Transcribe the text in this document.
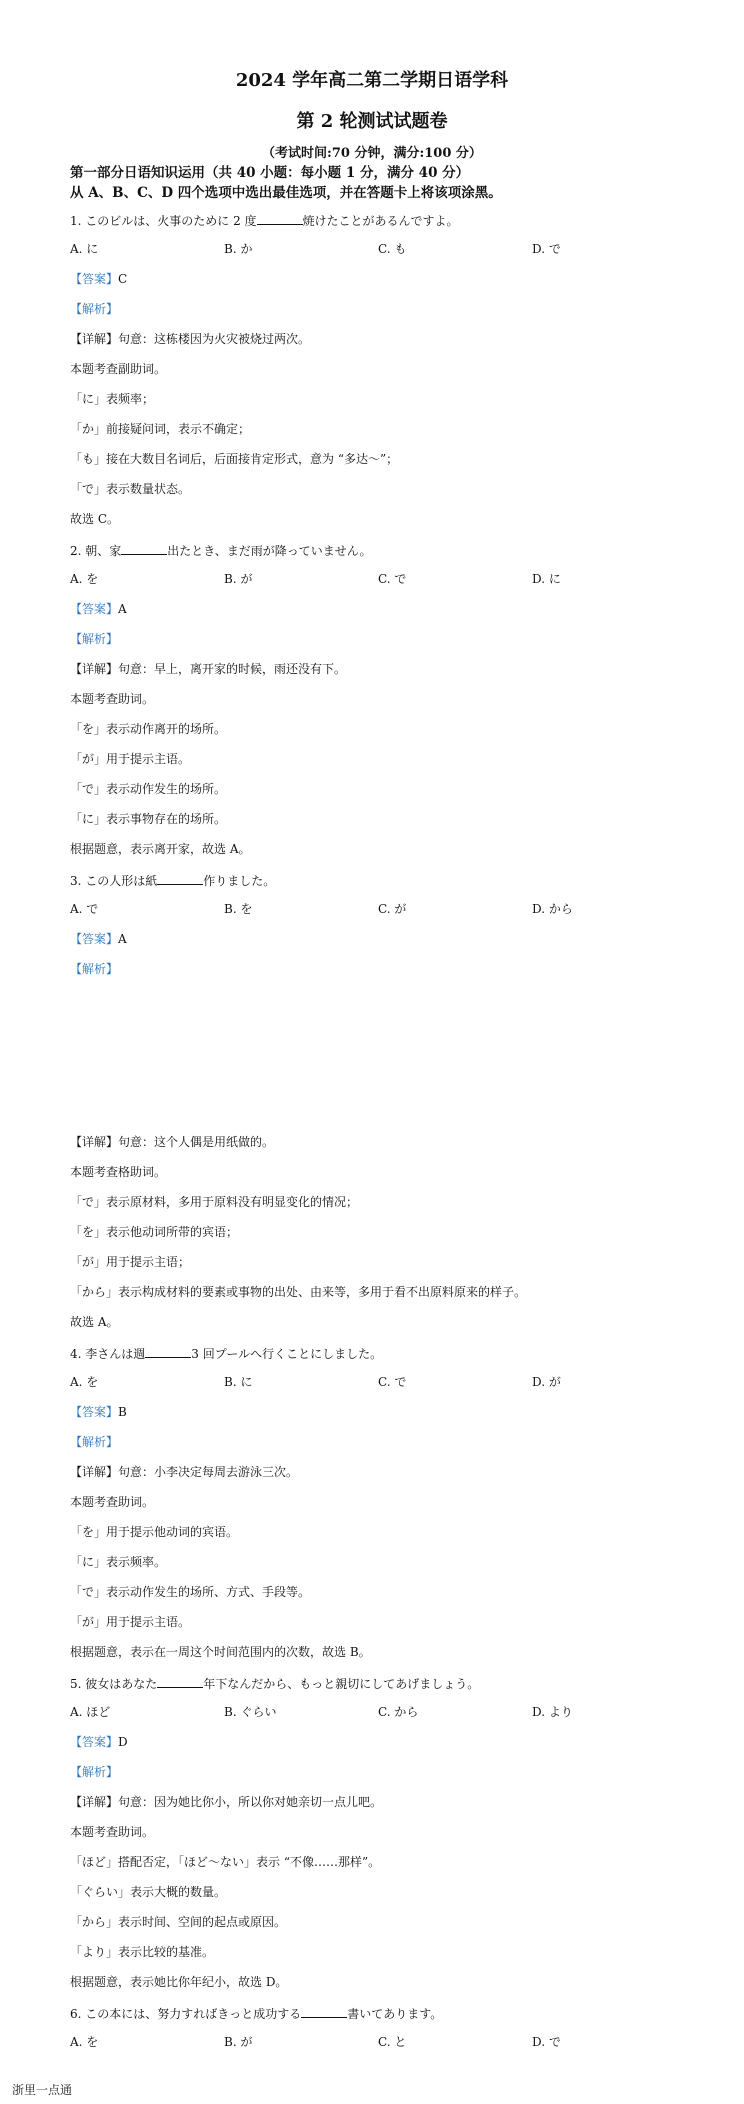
2024 学年高二第二学期日语学科
第 2 轮测试试题卷
（考试时间:70 分钟，满分:100 分）
第一部分日语知识运用（共 40 小题：每小题 1 分，满分 40 分）
从 A、B、C、D 四个选项中选出最佳选项，并在答题卡上将该项涂黑。
1. このビルは、火事のために 2 度	焼けたことがあるんですよ。
A. に	B. か	C. も	D. で
【答案】C
【解析】
【详解】句意：这栋楼因为火灾被烧过两次。
本题考查副助词。
「に」表频率；
「か」前接疑问词，表示不确定；
「も」接在大数目名词后，后面接肯定形式，意为 “多达～”；
「で」表示数量状态。
故选 C。
2. 朝、家	出たとき、まだ雨が降っていません。
A. を	B. が	C. で	D. に
【答案】A
【解析】
【详解】句意：早上，离开家的时候，雨还没有下。
本题考查助词。
「を」表示动作离开的场所。
「が」用于提示主语。
「で」表示动作发生的场所。
「に」表示事物存在的场所。
根据题意，表示离开家，故选 A。
3. この人形は紙	作りました。
A. で	B. を	C. が	D. から
【答案】A
【解析】
【详解】句意：这个人偶是用纸做的。
本题考查格助词。
「で」表示原材料，多用于原料没有明显变化的情况；
「を」表示他动词所带的宾语；
「が」用于提示主语；
「から」表示构成材料的要素或事物的出处、由来等，多用于看不出原料原来的样子。
故选 A。
4. 李さんは週	3 回プールへ行くことにしました。
A. を	B. に	C. で	D. が
【答案】B
【解析】
【详解】句意：小李决定每周去游泳三次。
本题考查助词。
「を」用于提示他动词的宾语。
「に」表示频率。
「で」表示动作发生的场所、方式、手段等。
「が」用于提示主语。
根据题意，表示在一周这个时间范围内的次数，故选 B。
5. 彼女はあなた	年下なんだから、もっと親切にしてあげましょう。
A. ほど	B. ぐらい	C. から	D. より
【答案】D
【解析】
【详解】句意：因为她比你小，所以你对她亲切一点儿吧。
本题考查助词。
「ほど」搭配否定，「ほど～ない」表示 “不像……那样”。
「ぐらい」表示大概的数量。
「から」表示时间、空间的起点或原因。
「より」表示比较的基准。
根据题意，表示她比你年纪小，故选 D。
6. この本には、努力すればきっと成功する	書いてあります。
A. を	B. が	C. と	D. で
浙里一点通
